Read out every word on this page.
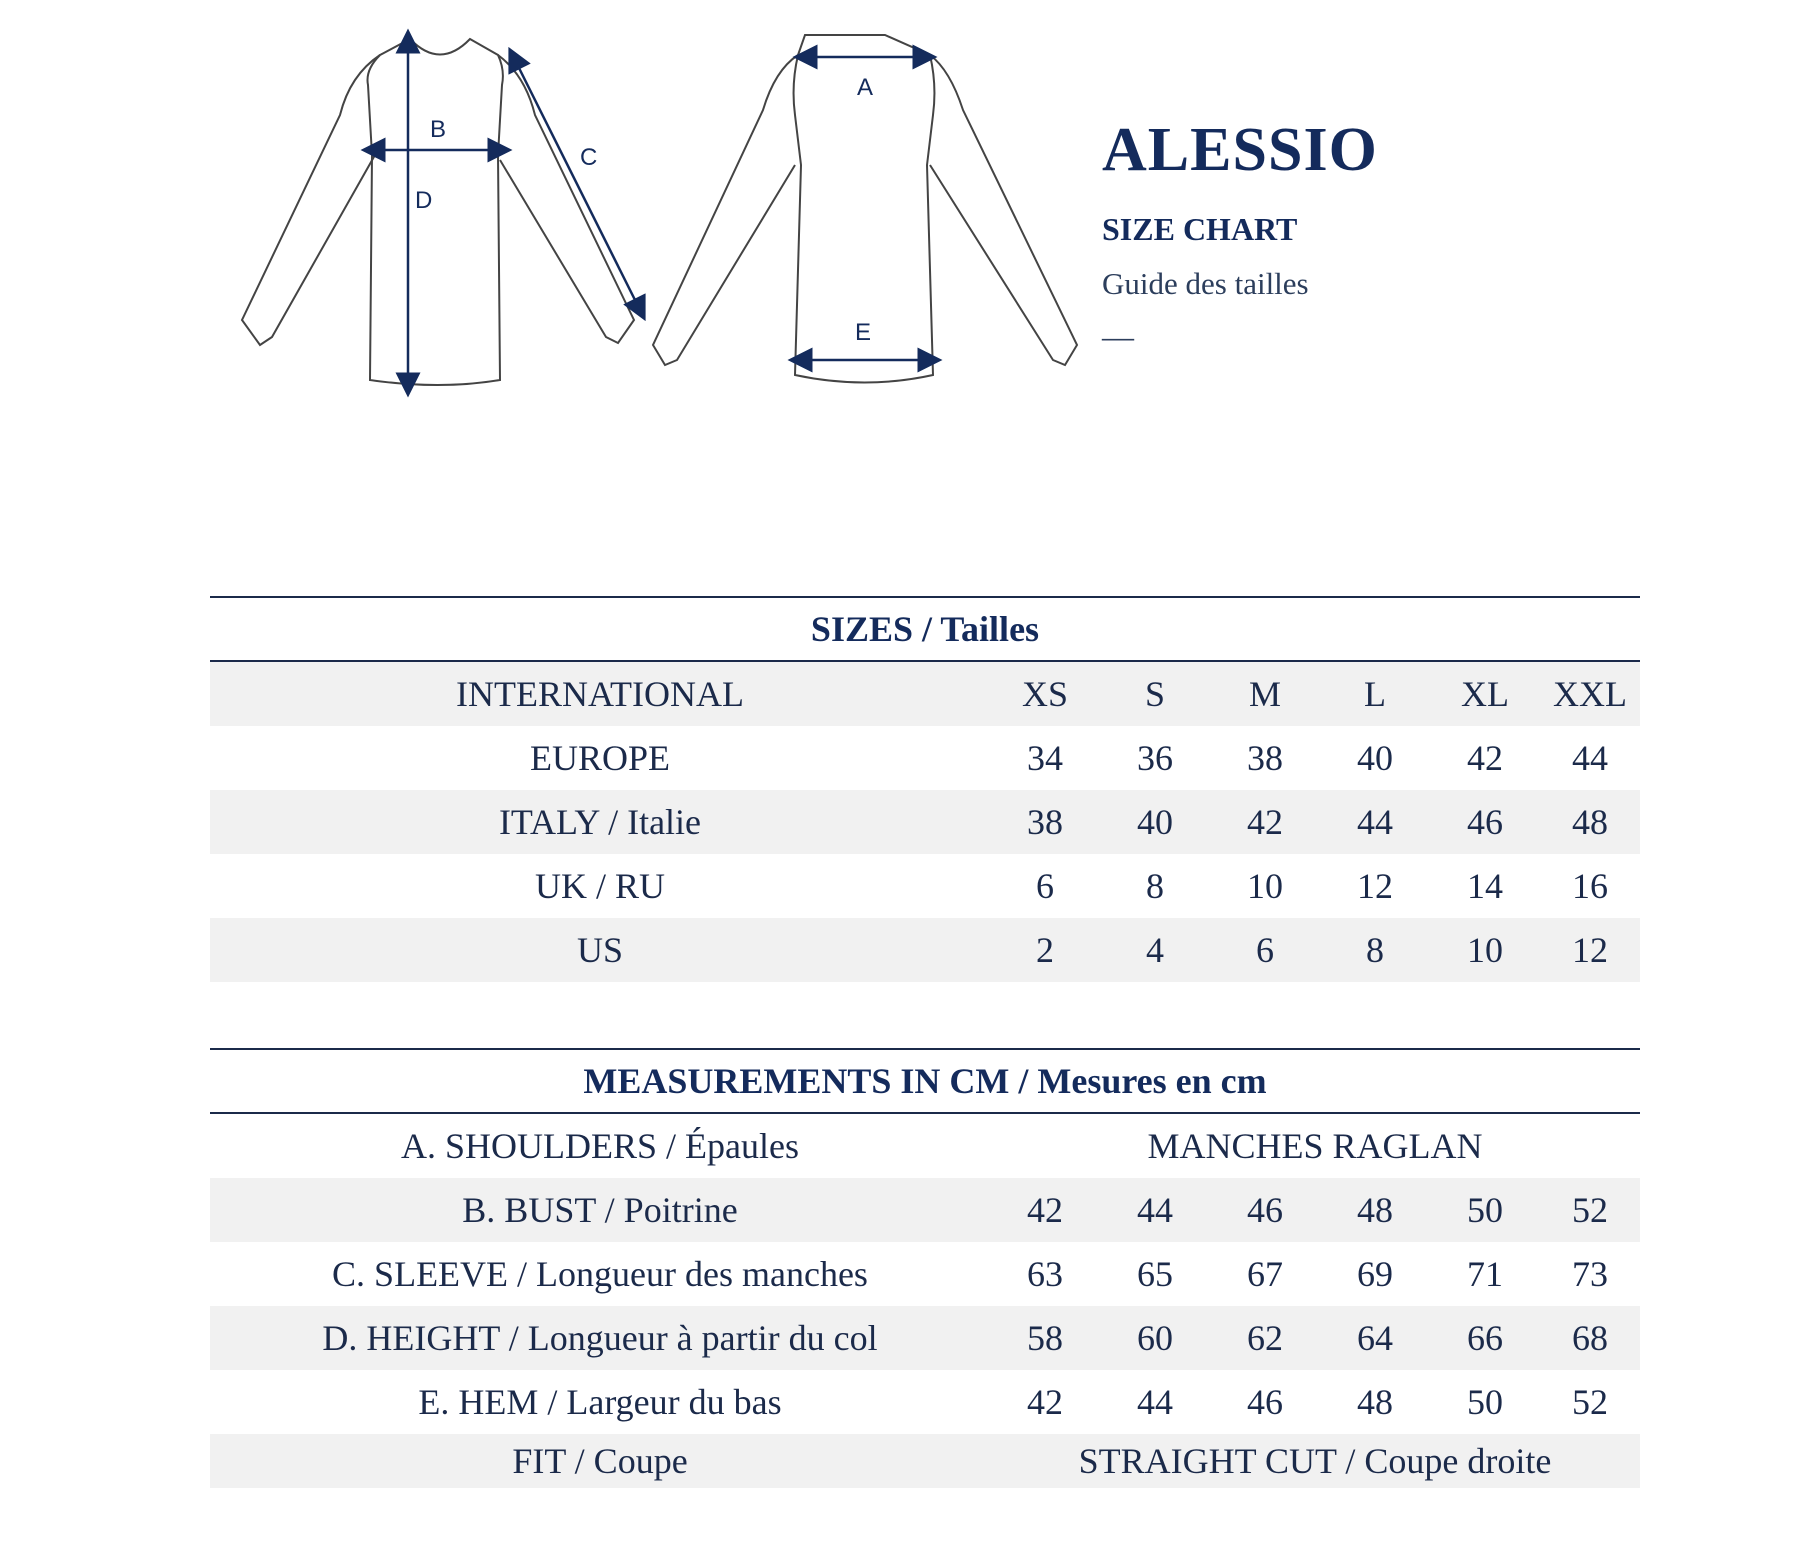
B
D
C
A
E
ALESSIO
SIZE CHART
Guide des tailles
—
SIZES / Tailles
INTERNATIONAL	XS	S	M	L	XL	XXL
EUROPE	34	36	38	40	42	44
ITALY / Italie	38	40	42	44	46	48
UK / RU	6	8	10	12	14	16
US	2	4	6	8	10	12
MEASUREMENTS IN CM / Mesures en cm
A. SHOULDERS / Épaules	MANCHES RAGLAN
B. BUST / Poitrine	42	44	46	48	50	52
C. SLEEVE / Longueur des manches	63	65	67	69	71	73
D. HEIGHT / Longueur à partir du col	58	60	62	64	66	68
E. HEM / Largeur du bas	42	44	46	48	50	52
FIT / Coupe	STRAIGHT CUT / Coupe droite
